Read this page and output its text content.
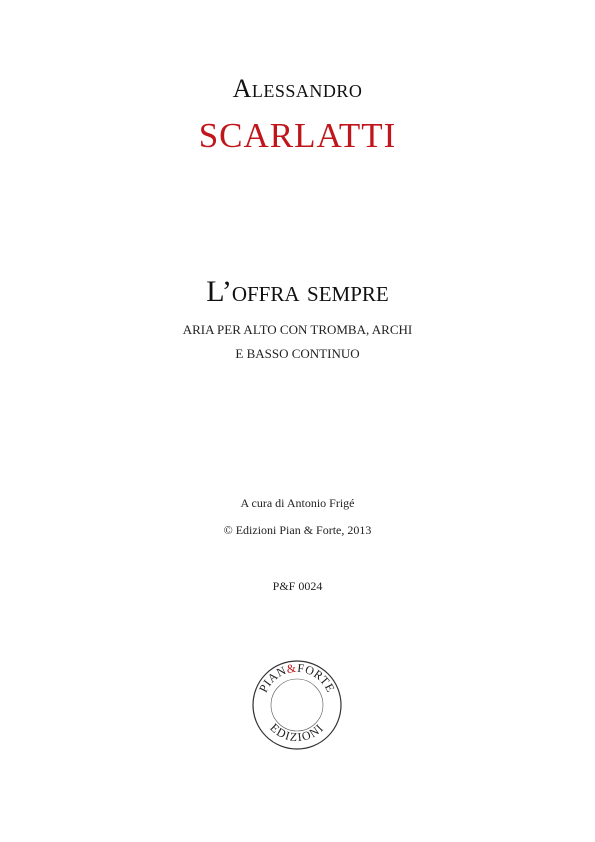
Alessandro
SCARLATTI
L’offra sempre
ARIA PER ALTO CON TROMBA, ARCHI
E BASSO CONTINUO
A cura di Antonio Frigé
© Edizioni Pian & Forte, 2013
P&F 0024
PIAN&FORTE
EDIZIONI
